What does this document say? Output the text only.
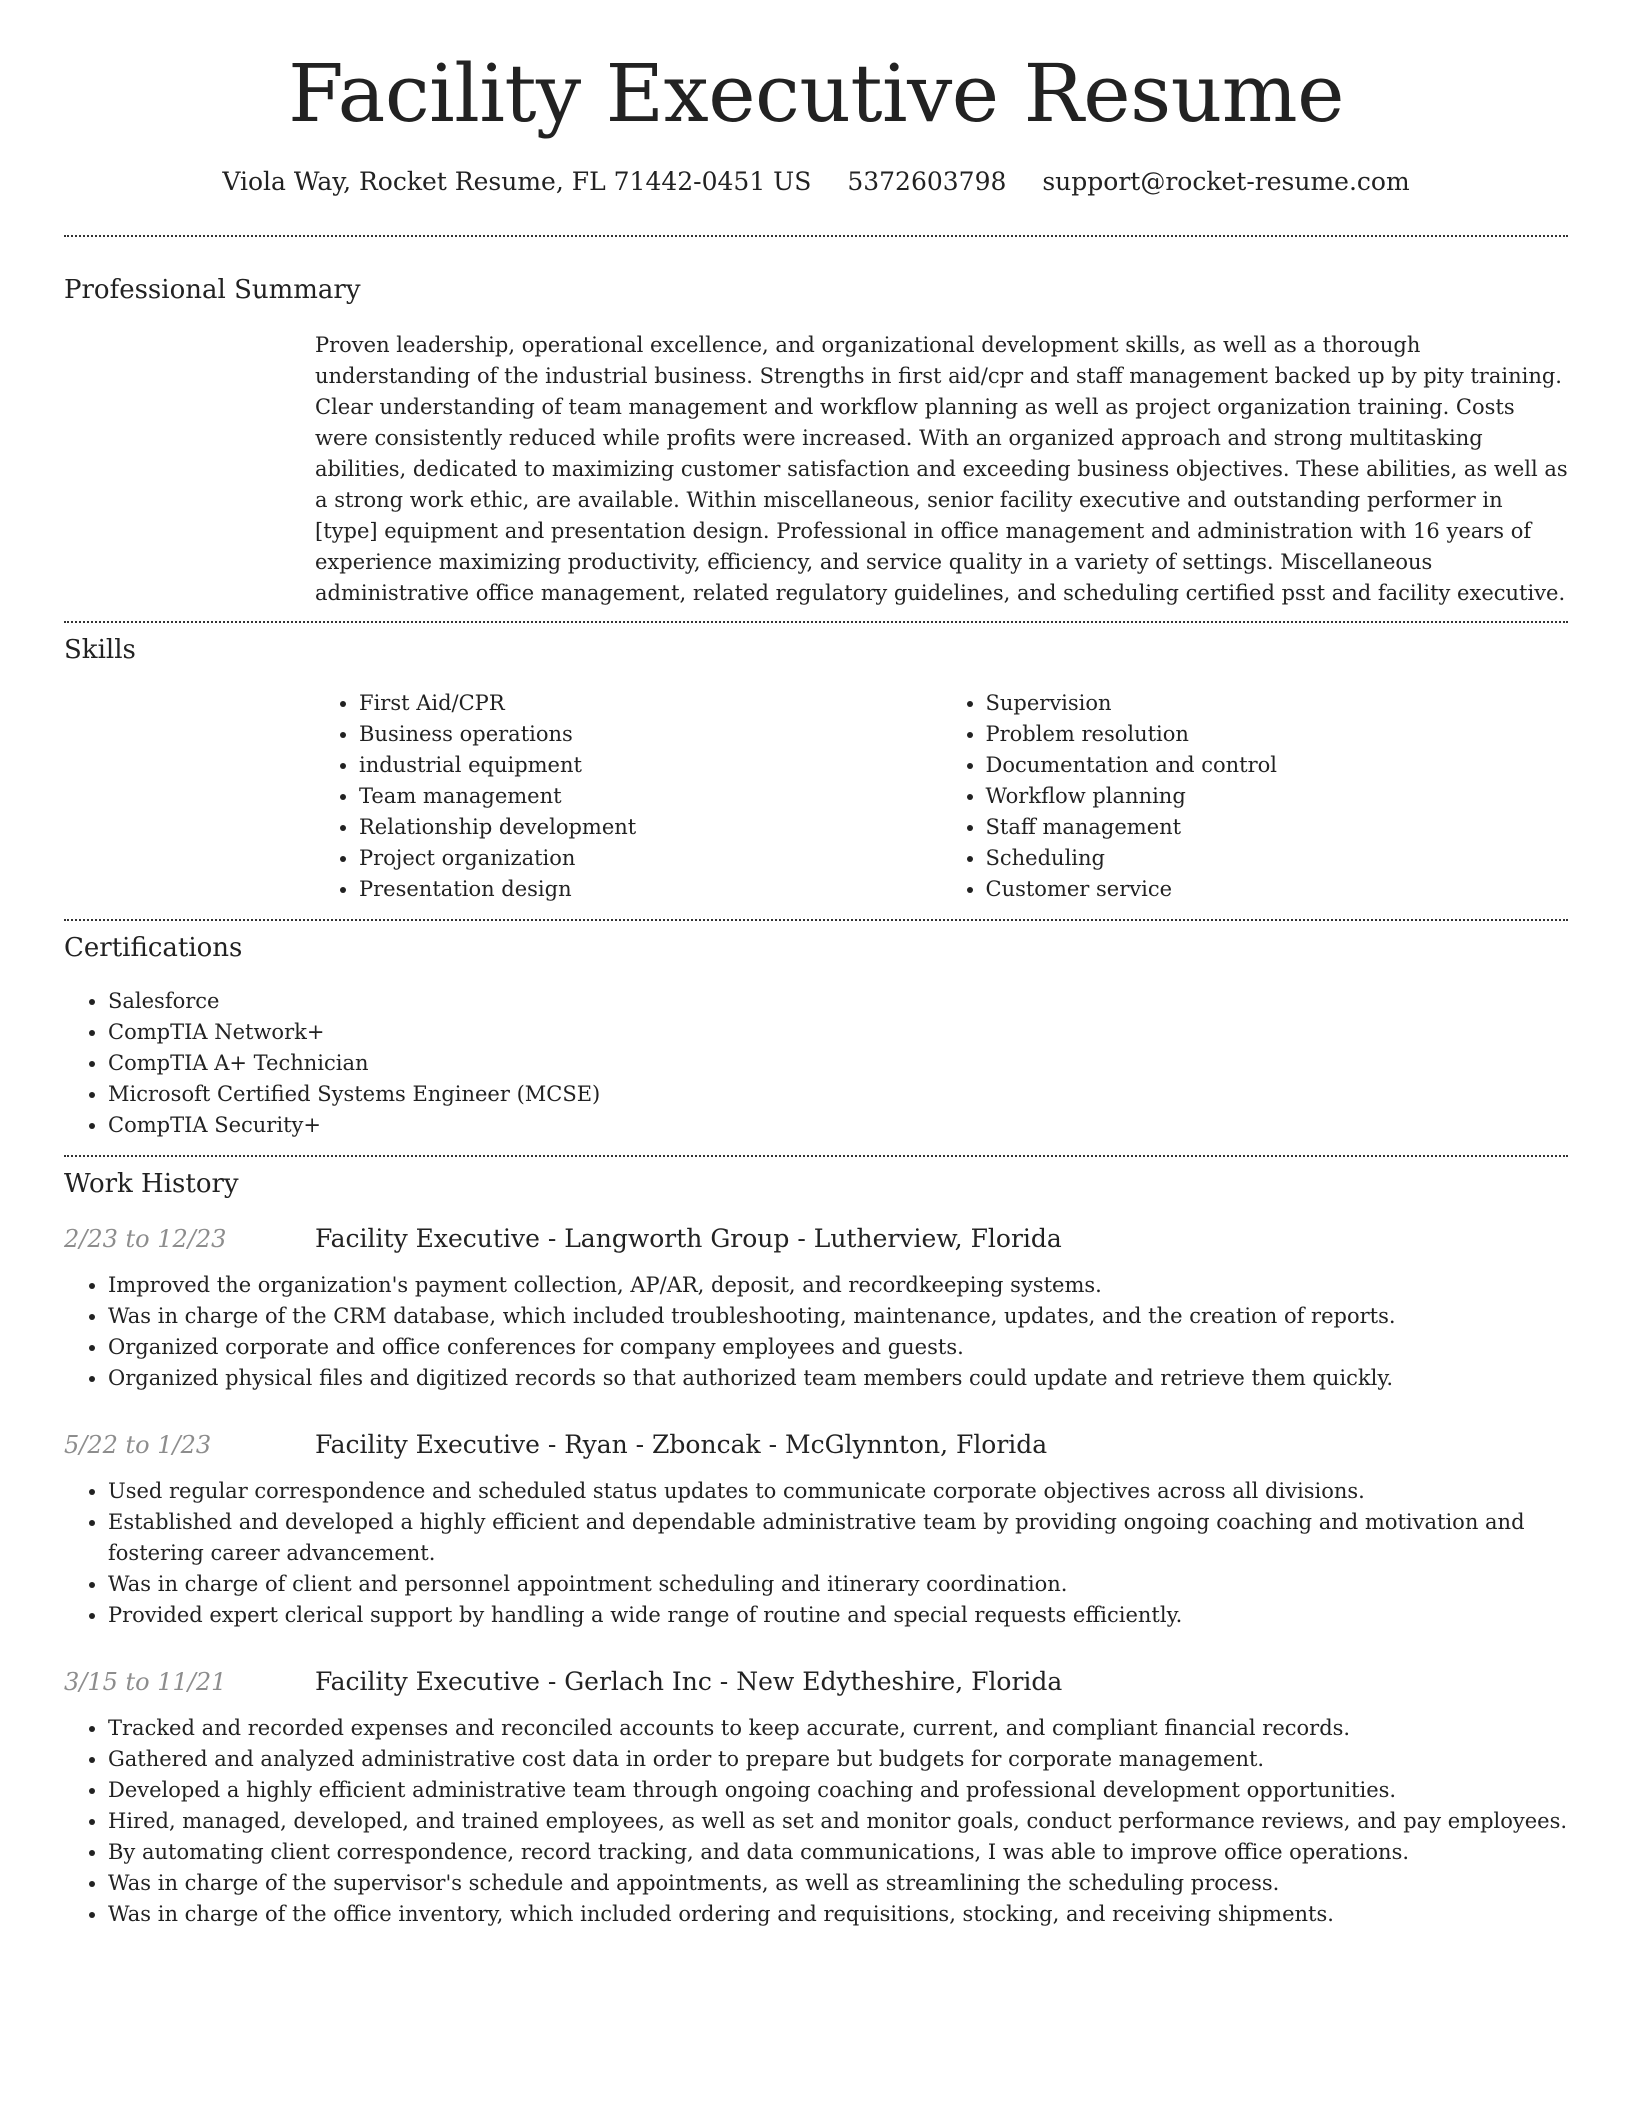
Facility Executive Resume
Viola Way, Rocket Resume, FL 71442-0451 US 5372603798 support@rocket-resume.com
Professional Summary

Proven leadership, operational excellence, and organizational development skills, as well as a thorough understanding of the industrial business. Strengths in first aid/cpr and staff management backed up by pity training. Clear understanding of team management and workflow planning as well as project organization training. Costs were consistently reduced while profits were increased. With an organized approach and strong multitasking abilities, dedicated to maximizing customer satisfaction and exceeding business objectives. These abilities, as well as a strong work ethic, are available. Within miscellaneous, senior facility executive and outstanding performer in [type] equipment and presentation design. Professional in office management and administration with 16 years of experience maximizing productivity, efficiency, and service quality in a variety of settings. Miscellaneous administrative office management, related regulatory guidelines, and scheduling certified psst and facility executive.

Skills
• First Aid/CPR
• Business operations
• industrial equipment
• Team management
• Relationship development
• Project organization
• Presentation design
• Supervision
• Problem resolution
• Documentation and control
• Workflow planning
• Staff management
• Scheduling
• Customer service
Certifications
• Salesforce
• CompTIA Network+
• CompTIA A+ Technician
• Microsoft Certified Systems Engineer (MCSE)
• CompTIA Security+
Work History
2/23 to 12/23	Facility Executive - Langworth Group - Lutherview, Florida
• Improved the organization's payment collection, AP/AR, deposit, and recordkeeping systems.
• Was in charge of the CRM database, which included troubleshooting, maintenance, updates, and the creation of reports.
• Organized corporate and office conferences for company employees and guests.
• Organized physical files and digitized records so that authorized team members could update and retrieve them quickly.
5/22 to 1/23	Facility Executive - Ryan - Zboncak - McGlynnton, Florida
• Used regular correspondence and scheduled status updates to communicate corporate objectives across all divisions.
• Established and developed a highly efficient and dependable administrative team by providing ongoing coaching and motivation and fostering career advancement.
• Was in charge of client and personnel appointment scheduling and itinerary coordination.
• Provided expert clerical support by handling a wide range of routine and special requests efficiently.
3/15 to 11/21	Facility Executive - Gerlach Inc - New Edytheshire, Florida
• Tracked and recorded expenses and reconciled accounts to keep accurate, current, and compliant financial records.
• Gathered and analyzed administrative cost data in order to prepare but budgets for corporate management.
• Developed a highly efficient administrative team through ongoing coaching and professional development opportunities.
• Hired, managed, developed, and trained employees, as well as set and monitor goals, conduct performance reviews, and pay employees.
• By automating client correspondence, record tracking, and data communications, I was able to improve office operations.
• Was in charge of the supervisor's schedule and appointments, as well as streamlining the scheduling process.
• Was in charge of the office inventory, which included ordering and requisitions, stocking, and receiving shipments.
